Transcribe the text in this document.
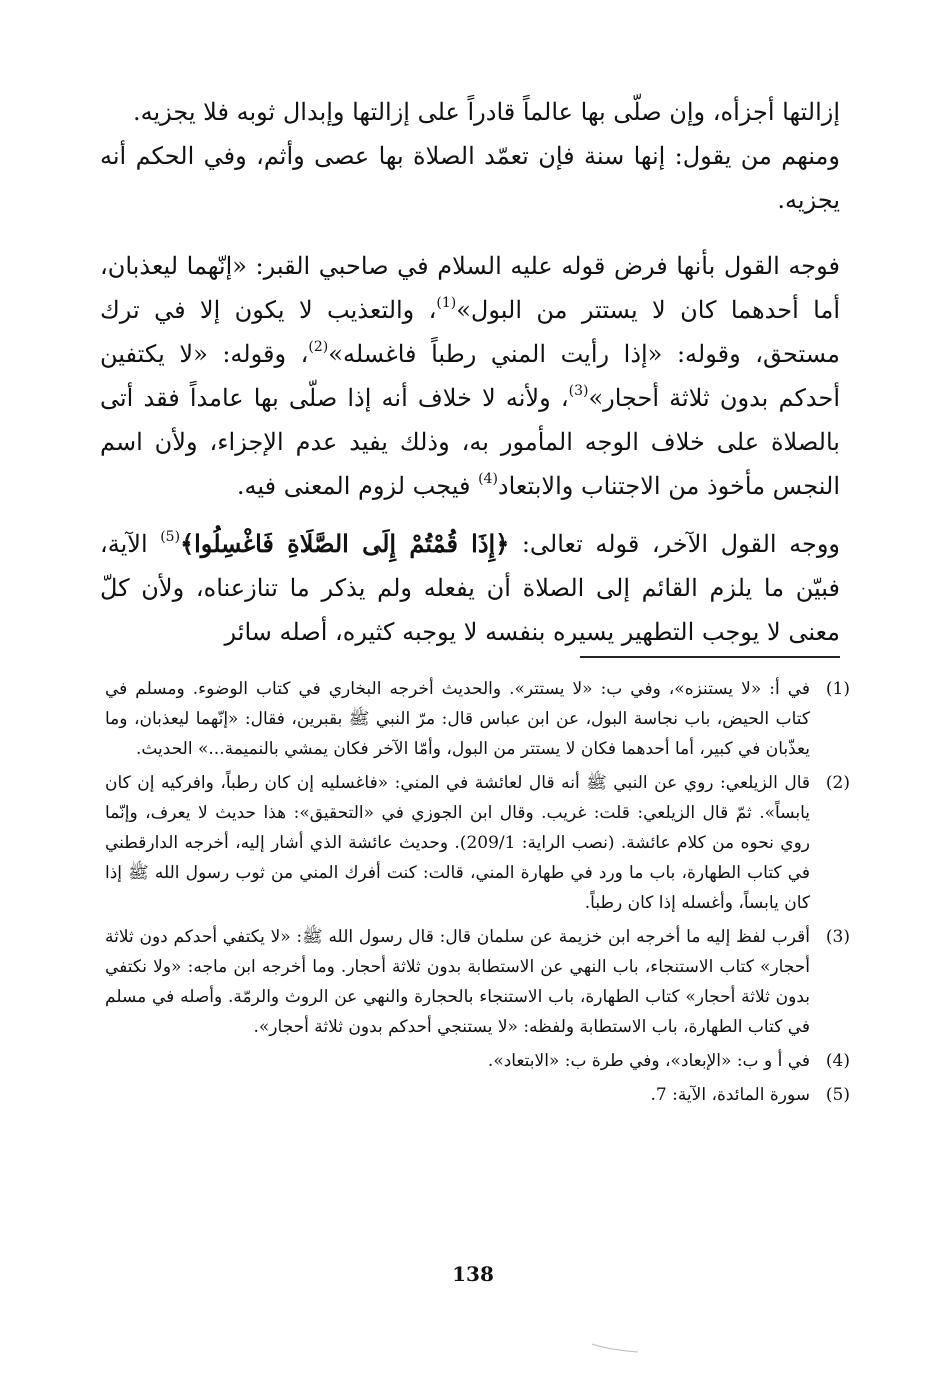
إزالتها أجزأه، وإن صلّى بها عالماً قادراً على إزالتها وإبدال ثوبه فلا يجزيه.

ومنهم من يقول: إنها سنة فإن تعمّد الصلاة بها عصى وأثم، وفي الحكم أنه يجزيه.

فوجه القول بأنها فرض قوله عليه السلام في صاحبي القبر: «إنّهما ليعذبان، أما أحدهما كان لا يستتر من البول»$^{(1)}$، والتعذيب لا يكون إلا في ترك مستحق، وقوله: «إذا رأيت المني رطباً فاغسله»$^{(2)}$، وقوله: «لا يكتفين أحدكم بدون ثلاثة أحجار»$^{(3)}$، ولأنه لا خلاف أنه إذا صلّى بها عامداً فقد أتى بالصلاة على خلاف الوجه المأمور به، وذلك يفيد عدم الإجزاء، ولأن اسم النجس مأخوذ من الاجتناب والابتعاد$^{(4)}$ فيجب لزوم المعنى فيه.

ووجه القول الآخر، قوله تعالى: ﴿إِذَا قُمْتُمْ إِلَى الصَّلَاةِ فَاغْسِلُوا﴾$^{(5)}$ الآية، فبيّن ما يلزم القائم إلى الصلاة أن يفعله ولم يذكر ما تنازعناه، ولأن كلّ معنى لا يوجب التطهير يسيره بنفسه لا يوجبه كثيره، أصله سائر

(1)
في أ: «لا يستنزه»، وفي ب: «لا يستتر». والحديث أخرجه البخاري في كتاب الوضوء. ومسلم في كتاب الحيض، باب نجاسة البول، عن ابن عباس قال: مرّ النبي ﷺ بقبرين، فقال: «إنّهما ليعذبان، وما يعذّبان في كبير، أما أحدهما فكان لا يستتر من البول، وأمّا الآخر فكان يمشي بالنميمة...» الحديث.
(2)
قال الزيلعي: روي عن النبي ﷺ أنه قال لعائشة في المني: «فاغسليه إن كان رطباً، وافركيه إن كان يابساً». ثمّ قال الزيلعي: قلت: غريب. وقال ابن الجوزي في «التحقيق»: هذا حديث لا يعرف، وإنّما روي نحوه من كلام عائشة. (نصب الراية: 209/1). وحديث عائشة الذي أشار إليه، أخرجه الدارقطني في كتاب الطهارة، باب ما ورد في طهارة المني، قالت: كنت أفرك المني من ثوب رسول الله ﷺ إذا كان يابساً، وأغسله إذا كان رطباً.
(3)
أقرب لفظ إليه ما أخرجه ابن خزيمة عن سلمان قال: قال رسول الله ﷺ: «لا يكتفي أحدكم دون ثلاثة أحجار» كتاب الاستنجاء، باب النهي عن الاستطابة بدون ثلاثة أحجار. وما أخرجه ابن ماجه: «ولا نكتفي بدون ثلاثة أحجار» كتاب الطهارة، باب الاستنجاء بالحجارة والنهي عن الروث والرمّة. وأصله في مسلم في كتاب الطهارة، باب الاستطابة ولفظه: «لا يستنجي أحدكم بدون ثلاثة أحجار».
(4)
في أ و ب: «الإبعاد»، وفي طرة ب: «الابتعاد».
(5)
سورة المائدة، الآية: 7.
138
